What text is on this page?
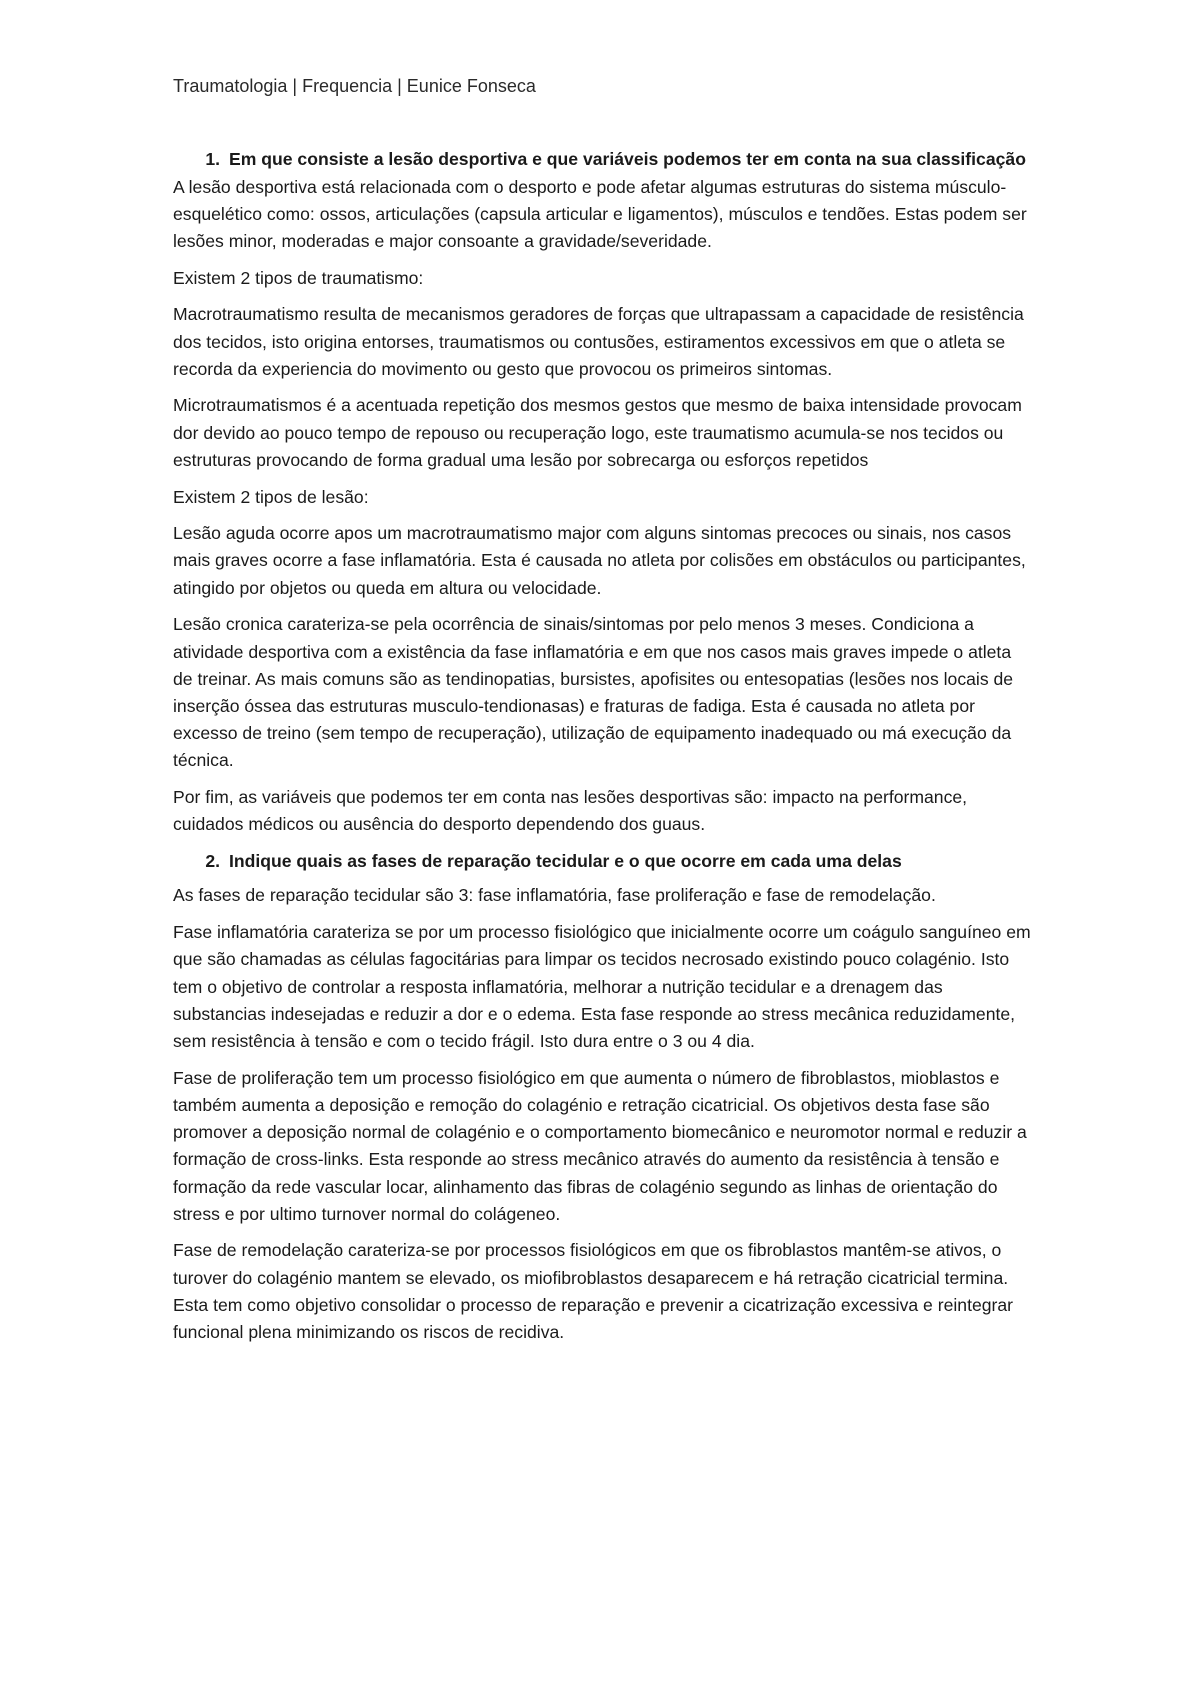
Traumatologia | Frequencia | Eunice Fonseca
1. Em que consiste a lesão desportiva e que variáveis podemos ter em conta na sua classificação

A lesão desportiva está relacionada com o desporto e pode afetar algumas estruturas do sistema músculo-esquelético como: ossos, articulações (capsula articular e ligamentos), músculos e tendões. Estas podem ser lesões minor, moderadas e major consoante a gravidade/severidade.

Existem 2 tipos de traumatismo:

Macrotraumatismo resulta de mecanismos geradores de forças que ultrapassam a capacidade de resistência dos tecidos, isto origina entorses, traumatismos ou contusões, estiramentos excessivos em que o atleta se recorda da experiencia do movimento ou gesto que provocou os primeiros sintomas.

Microtraumatismos é a acentuada repetição dos mesmos gestos que mesmo de baixa intensidade provocam dor devido ao pouco tempo de repouso ou recuperação logo, este traumatismo acumula-se nos tecidos ou estruturas provocando de forma gradual uma lesão por sobrecarga ou esforços repetidos

Existem 2 tipos de lesão:

Lesão aguda ocorre apos um macrotraumatismo major com alguns sintomas precoces ou sinais, nos casos mais graves ocorre a fase inflamatória. Esta é causada no atleta por colisões em obstáculos ou participantes, atingido por objetos ou queda em altura ou velocidade.

Lesão cronica carateriza-se pela ocorrência de sinais/sintomas por pelo menos 3 meses. Condiciona a atividade desportiva com a existência da fase inflamatória e em que nos casos mais graves impede o atleta de treinar. As mais comuns são as tendinopatias, bursistes, apofisites ou entesopatias (lesões nos locais de inserção óssea das estruturas musculo-tendionasas) e fraturas de fadiga. Esta é causada no atleta por excesso de treino (sem tempo de recuperação), utilização de equipamento inadequado ou má execução da técnica.

Por fim, as variáveis que podemos ter em conta nas lesões desportivas são: impacto na performance, cuidados médicos ou ausência do desporto dependendo dos guaus.

2. Indique quais as fases de reparação tecidular e o que ocorre em cada uma delas

As fases de reparação tecidular são 3: fase inflamatória, fase proliferação e fase de remodelação.

Fase inflamatória carateriza se por um processo fisiológico que inicialmente ocorre um coágulo sanguíneo em que são chamadas as células fagocitárias para limpar os tecidos necrosado existindo pouco colagénio. Isto tem o objetivo de controlar a resposta inflamatória, melhorar a nutrição tecidular e a drenagem das substancias indesejadas e reduzir a dor e o edema. Esta fase responde ao stress mecânica reduzidamente, sem resistência à tensão e com o tecido frágil. Isto dura entre o 3 ou 4 dia.

Fase de proliferação tem um processo fisiológico em que aumenta o número de fibroblastos, mioblastos e também aumenta a deposição e remoção do colagénio e retração cicatricial. Os objetivos desta fase são promover a deposição normal de colagénio e o comportamento biomecânico e neuromotor normal e reduzir a formação de cross-links. Esta responde ao stress mecânico através do aumento da resistência à tensão e formação da rede vascular locar, alinhamento das fibras de colagénio segundo as linhas de orientação do stress e por ultimo turnover normal do colágeneo.

Fase de remodelação carateriza-se por processos fisiológicos em que os fibroblastos mantêm-se ativos, o turover do colagénio mantem se elevado, os miofibroblastos desaparecem e há retração cicatricial termina. Esta tem como objetivo consolidar o processo de reparação e prevenir a cicatrização excessiva e reintegrar funcional plena minimizando os riscos de recidiva.
